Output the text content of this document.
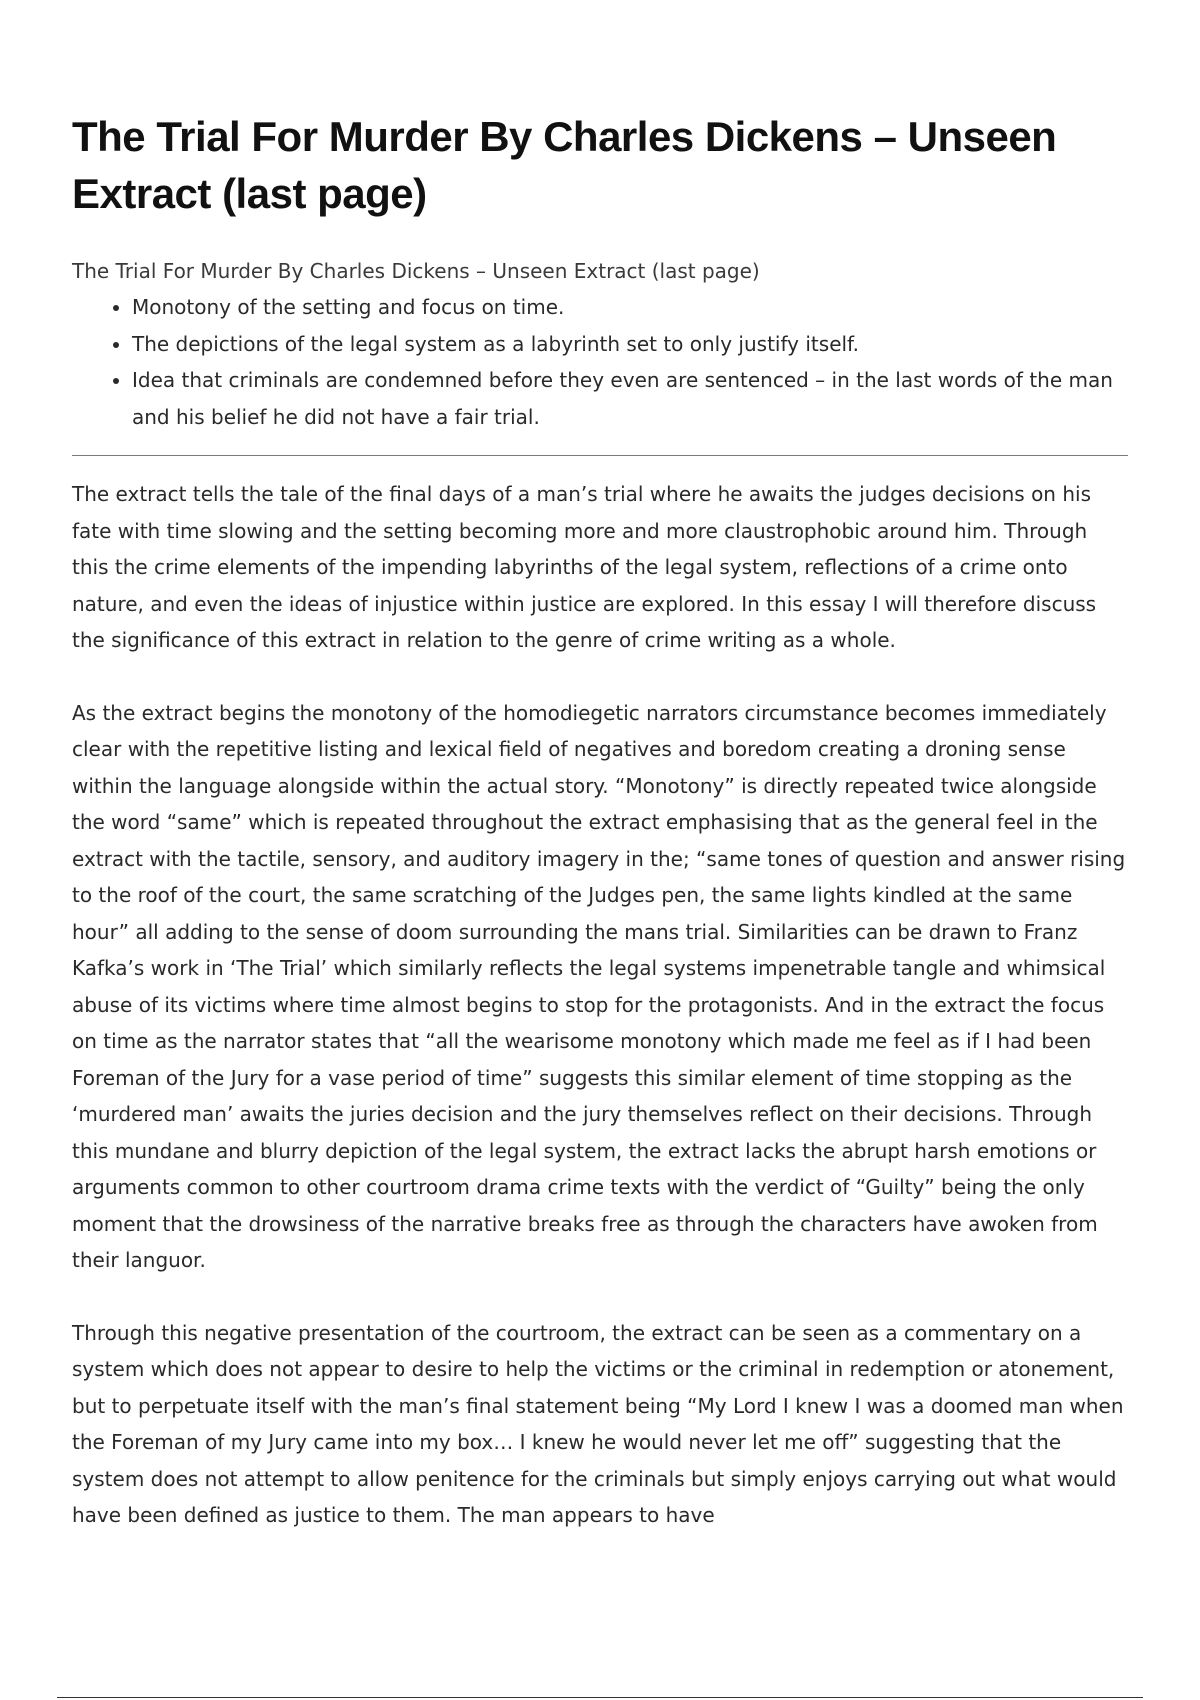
The Trial For Murder By Charles Dickens – Unseen Extract (last page)
The Trial For Murder By Charles Dickens – Unseen Extract (last page)
• Monotony of the setting and focus on time.
• The depictions of the legal system as a labyrinth set to only justify itself.
• Idea that criminals are condemned before they even are sentenced – in the last words of the man and his belief he did not have a fair trial.

The extract tells the tale of the final days of a man’s trial where he awaits the judges decisions on his fate with time slowing and the setting becoming more and more claustrophobic around him. Through this the crime elements of the impending labyrinths of the legal system, reflections of a crime onto nature, and even the ideas of injustice within justice are explored. In this essay I will therefore discuss the significance of this extract in relation to the genre of crime writing as a whole.

As the extract begins the monotony of the homodiegetic narrators circumstance becomes immediately clear with the repetitive listing and lexical field of negatives and boredom creating a droning sense within the language alongside within the actual story. “Monotony” is directly repeated twice alongside the word “same” which is repeated throughout the extract emphasising that as the general feel in the extract with the tactile, sensory, and auditory imagery in the; “same tones of question and answer rising to the roof of the court, the same scratching of the Judges pen, the same lights kindled at the same hour” all adding to the sense of doom surrounding the mans trial. Similarities can be drawn to Franz Kafka’s work in ‘The Trial’ which similarly reflects the legal systems impenetrable tangle and whimsical abuse of its victims where time almost begins to stop for the protagonists. And in the extract the focus on time as the narrator states that “all the wearisome monotony which made me feel as if I had been Foreman of the Jury for a vase period of time” suggests this similar element of time stopping as the ‘murdered man’ awaits the juries decision and the jury themselves reflect on their decisions. Through this mundane and blurry depiction of the legal system, the extract lacks the abrupt harsh emotions or arguments common to other courtroom drama crime texts with the verdict of “Guilty” being the only moment that the drowsiness of the narrative breaks free as through the characters have awoken from their languor.

Through this negative presentation of the courtroom, the extract can be seen as a commentary on a system which does not appear to desire to help the victims or the criminal in redemption or atonement, but to perpetuate itself with the man’s final statement being “My Lord I knew I was a doomed man when the Foreman of my Jury came into my box… I knew he would never let me off” suggesting that the system does not attempt to allow penitence for the criminals but simply enjoys carrying out what would have been defined as justice to them. The man appears to have
